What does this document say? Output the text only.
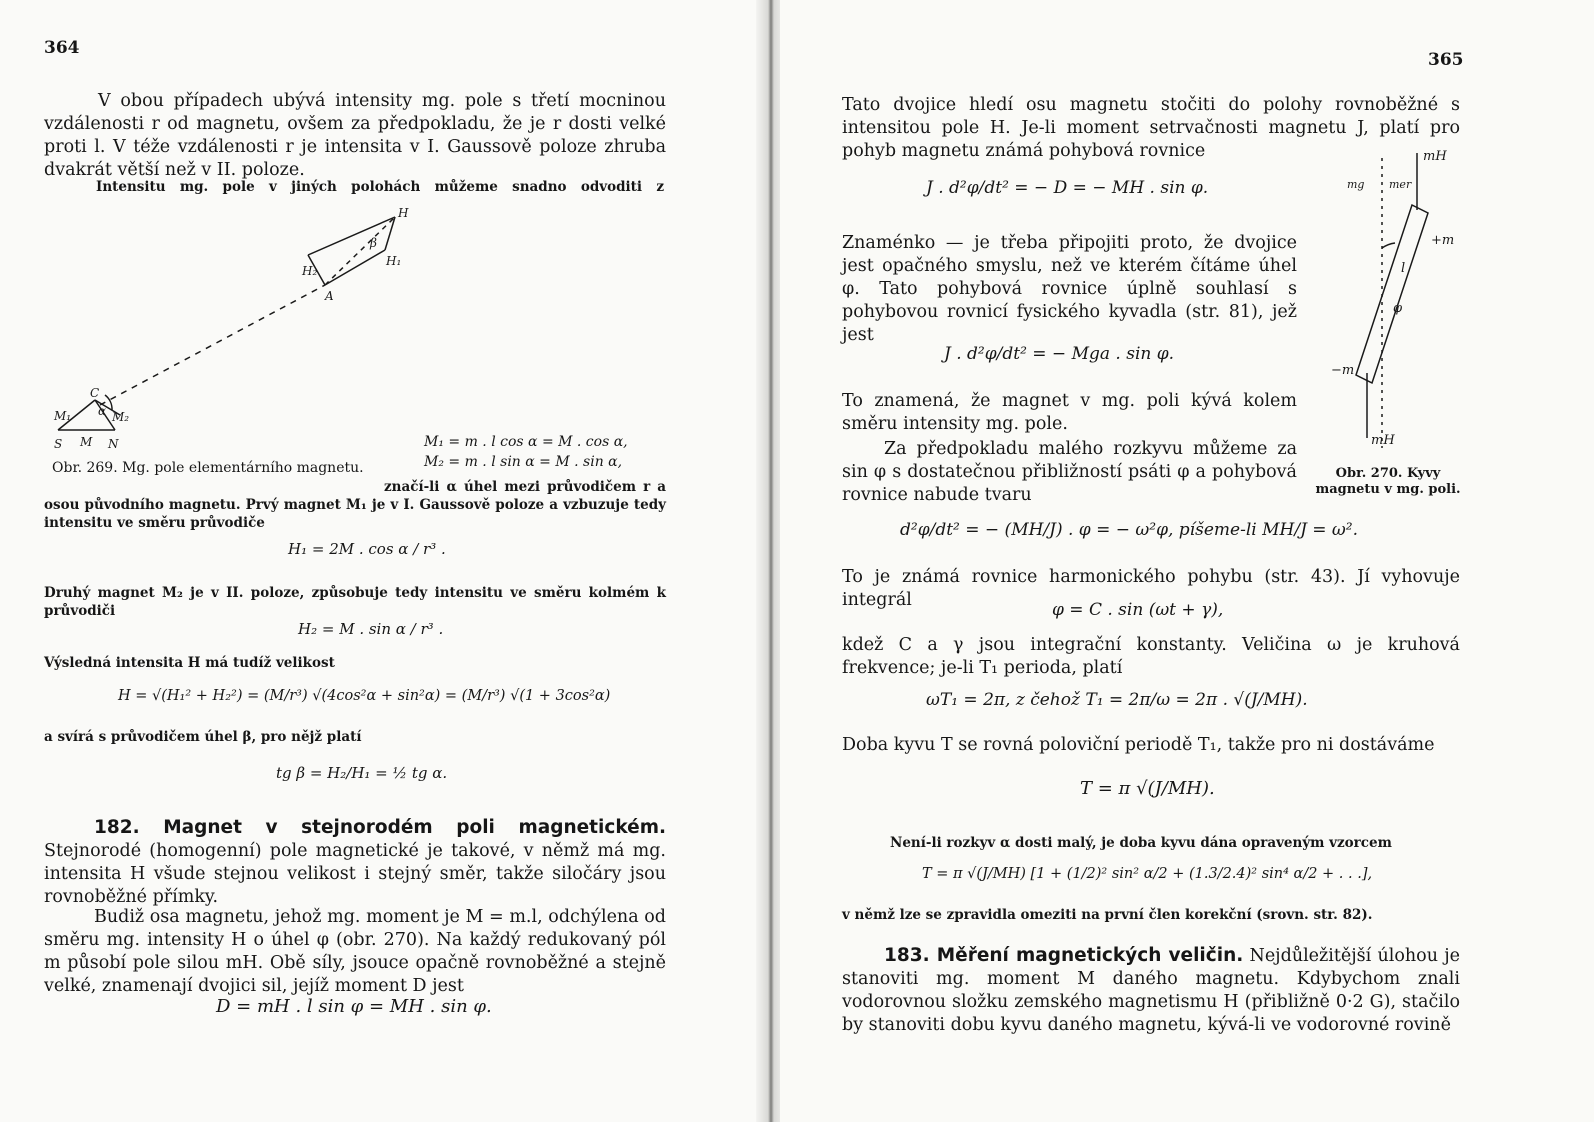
364
V obou případech ubývá intensity mg. pole s třetí mocninou vzdálenosti r od magnetu, ovšem za předpokladu, že je r dosti velké proti l. V téže vzdálenosti r je intensita v I. Gaussově poloze zhruba dvakrát větší než v II. poloze.
H
β
H₁
H₂
A
C
M₁	M₂
S M N
α
Intensitu mg. pole v jiných polohách můžeme snadno odvoditi z
M₁ = m . l cos α = M . cos α,
M₂ = m . l sin α = M . sin α,
Obr. 269. Mg. pole elementárního magnetu.
značí-li α úhel mezi průvodičem r a osou původního magnetu. Prvý magnet M₁ je v I. Gaussově poloze a vzbuzuje tedy intensitu ve směru průvodiče
H₁ = 2M . cos α / r³ .
Druhý magnet M₂ je v II. poloze, způsobuje tedy intensitu ve směru kolmém k průvodiči
H₂ = M . sin α / r³ .
Výsledná intensita H má tudíž velikost
H = √(H₁² + H₂²) = (M/r³) √(4cos²α + sin²α) = (M/r³) √(1 + 3cos²α)
a svírá s průvodičem úhel β, pro nějž platí
tg β = H₂/H₁ = ½ tg α.
182. Magnet v stejnorodém poli magnetickém. Stejnorodé (homogenní) pole magnetické je takové, v němž má mg. intensita H všude stejnou velikost i stejný směr, takže siločáry jsou rovnoběžné přímky.
Budiž osa magnetu, jehož mg. moment je M = m.l, odchýlena od směru mg. intensity H o úhel φ (obr. 270). Na každý redukovaný pól m působí pole silou mH. Obě síly, jsouce opačně rovnoběžné a stejně velké, znamenají dvojici sil, jejíž moment D jest
D = mH . l sin φ = MH . sin φ.
365
Tato dvojice hledí osu magnetu stočiti do polohy rovnoběžné s intensitou pole H. Je-li moment setrvačnosti magnetu J, platí pro pohyb magnetu známá pohybová rovnice
J . d²φ/dt² = − D = − MH . sin φ.
Znaménko — je třeba připojiti proto, že dvojice jest opačného smyslu, než ve kterém čítáme úhel φ. Tato pohybová rovnice úplně souhlasí s pohybovou rovnicí fysického kyvadla (str. 81), jež jest
J . d²φ/dt² = − Mga . sin φ.
To znamená, že magnet v mg. poli kývá kolem směru intensity mg. pole.
Za předpokladu malého rozkyvu můžeme za sin φ s dostatečnou přibližností psáti φ a pohybová rovnice nabude tvaru
mH
mg mer
+m
l
φ
−m
mH
Obr. 270. Kyvy magnetu v mg. poli.
d²φ/dt² = − (MH/J) . φ = − ω²φ, píšeme-li MH/J = ω².
To je známá rovnice harmonického pohybu (str. 43). Jí vyhovuje integrál	φ = C . sin (ωt + γ),
kdež C a γ jsou integrační konstanty. Veličina ω je kruhová frekvence; je-li T₁ perioda, platí
ωT₁ = 2π, z čehož T₁ = 2π/ω = 2π . √(J/MH).
Doba kyvu T se rovná poloviční periodě T₁, takže pro ni dostáváme
T = π √(J/MH).
Není-li rozkyv α dosti malý, je doba kyvu dána opraveným vzorcem
T = π √(J/MH) [1 + (1/2)² sin² α/2 + (1.3/2.4)² sin⁴ α/2 + . . .],
v němž lze se zpravidla omeziti na první člen korekční (srovn. str. 82).
183. Měření magnetických veličin. Nejdůležitější úlohou je stanoviti mg. moment M daného magnetu. Kdybychom znali vodorovnou složku zemského magnetismu H (přibližně 0·2 G), stačilo by stanoviti dobu kyvu daného magnetu, kývá-li ve vodorovné rovině
